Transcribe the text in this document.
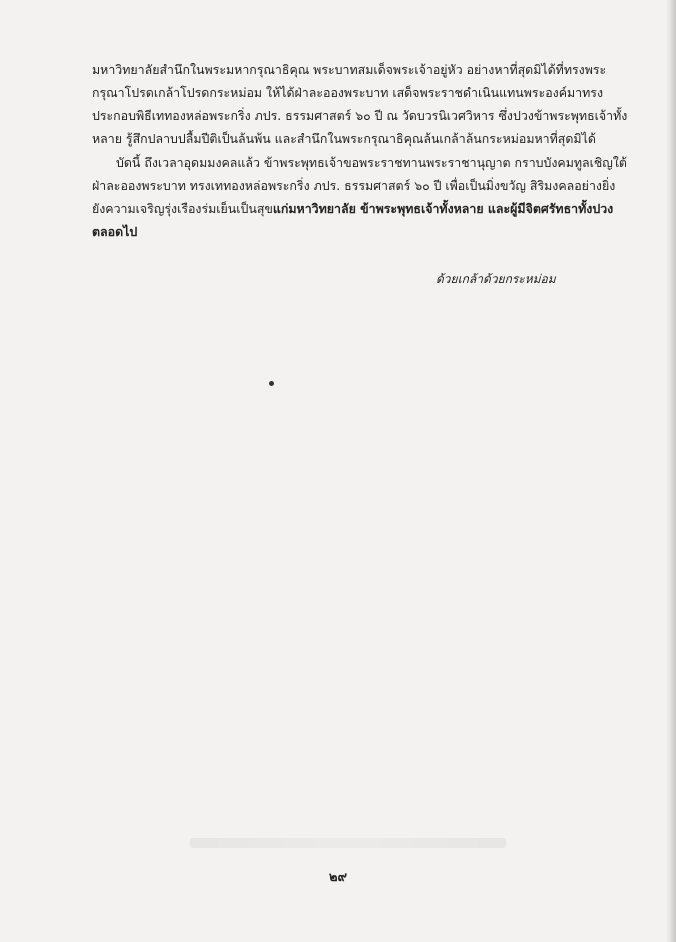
มหาวิทยาลัยสำนึกในพระมหากรุณาธิคุณ พระบาทสมเด็จพระเจ้าอยู่หัว อย่างหาที่สุดมิได้ที่ทรงพระกรุณาโปรดเกล้าโปรดกระหม่อม ให้ได้ฝ่าละอองพระบาท เสด็จพระราชดำเนินแทนพระองค์มาทรงประกอบพิธีเททองหล่อพระกริ่ง ภปร. ธรรมศาสตร์ ๖๐ ปี ณ วัดบวรนิเวศวิหาร ซึ่งปวงข้าพระพุทธเจ้าทั้งหลาย รู้สึกปลาบปลื้มปีติเป็นล้นพ้น และสำนึกในพระกรุณาธิคุณล้นเกล้าล้นกระหม่อมหาที่สุดมิได้

บัดนี้ ถึงเวลาอุดมมงคลแล้ว ข้าพระพุทธเจ้าขอพระราชทานพระราชานุญาต กราบบังคมทูลเชิญใต้ฝ่าละอองพระบาท ทรงเททองหล่อพระกริ่ง ภปร. ธรรมศาสตร์ ๖๐ ปี เพื่อเป็นมิ่งขวัญ สิริมงคลอย่างยิ่ง ยังความเจริญรุ่งเรืองร่มเย็นเป็นสุขแก่มหาวิทยาลัย ข้าพระพุทธเจ้าทั้งหลาย และผู้มีจิตศรัทธาทั้งปวง ตลอดไป

ด้วยเกล้าด้วยกระหม่อม
๒๙
